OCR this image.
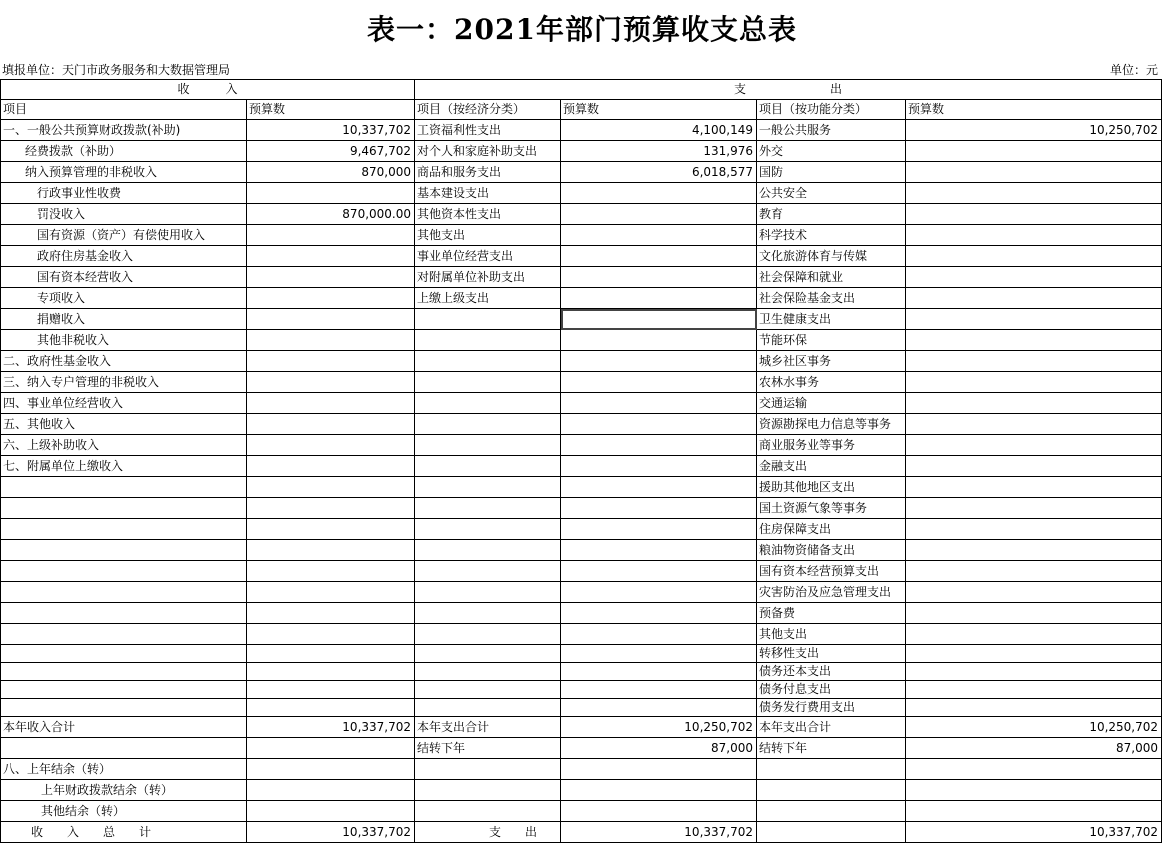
表一：2021年部门预算收支总表
填报单位：天门市政务服务和大数据管理局	单位：元
收　　　入		支　　　　　　　出			
项目	预算数	项目（按经济分类）	预算数	项目（按功能分类）	预算数
一、一般公共预算财政拨款(补助)	10,337,702	工资福利性支出	4,100,149	一般公共服务	10,250,702
经费拨款（补助）	9,467,702	对个人和家庭补助支出	131,976	外交	
纳入预算管理的非税收入	870,000	商品和服务支出	6,018,577	国防	
行政事业性收费		基本建设支出		公共安全	
罚没收入	870,000.00	其他资本性支出		教育	
国有资源（资产）有偿使用收入		其他支出		科学技术	
政府住房基金收入		事业单位经营支出		文化旅游体育与传媒	
国有资本经营收入		对附属单位补助支出		社会保障和就业	
专项收入		上缴上级支出		社会保险基金支出	
捐赠收入				卫生健康支出	
其他非税收入				节能环保	
二、政府性基金收入				城乡社区事务	
三、纳入专户管理的非税收入				农林水事务	
四、事业单位经营收入				交通运输	
五、其他收入				资源勘探电力信息等事务	
六、上级补助收入				商业服务业等事务	
七、附属单位上缴收入				金融支出	
				援助其他地区支出	
				国土资源气象等事务	
				住房保障支出	
				粮油物资储备支出	
				国有资本经营预算支出	
				灾害防治及应急管理支出	
				预备费	
				其他支出	
				转移性支出	
				债务还本支出	
				债务付息支出	
				债务发行费用支出	
本年收入合计	10,337,702	本年支出合计	10,250,702	本年支出合计	10,250,702
		结转下年	87,000	结转下年	87,000
八、上年结余（转）					
上年财政拨款结余（转）					
其他结余（转）					
收　　入　　总　　计	10,337,702	支　　出	10,337,702		10,337,702
